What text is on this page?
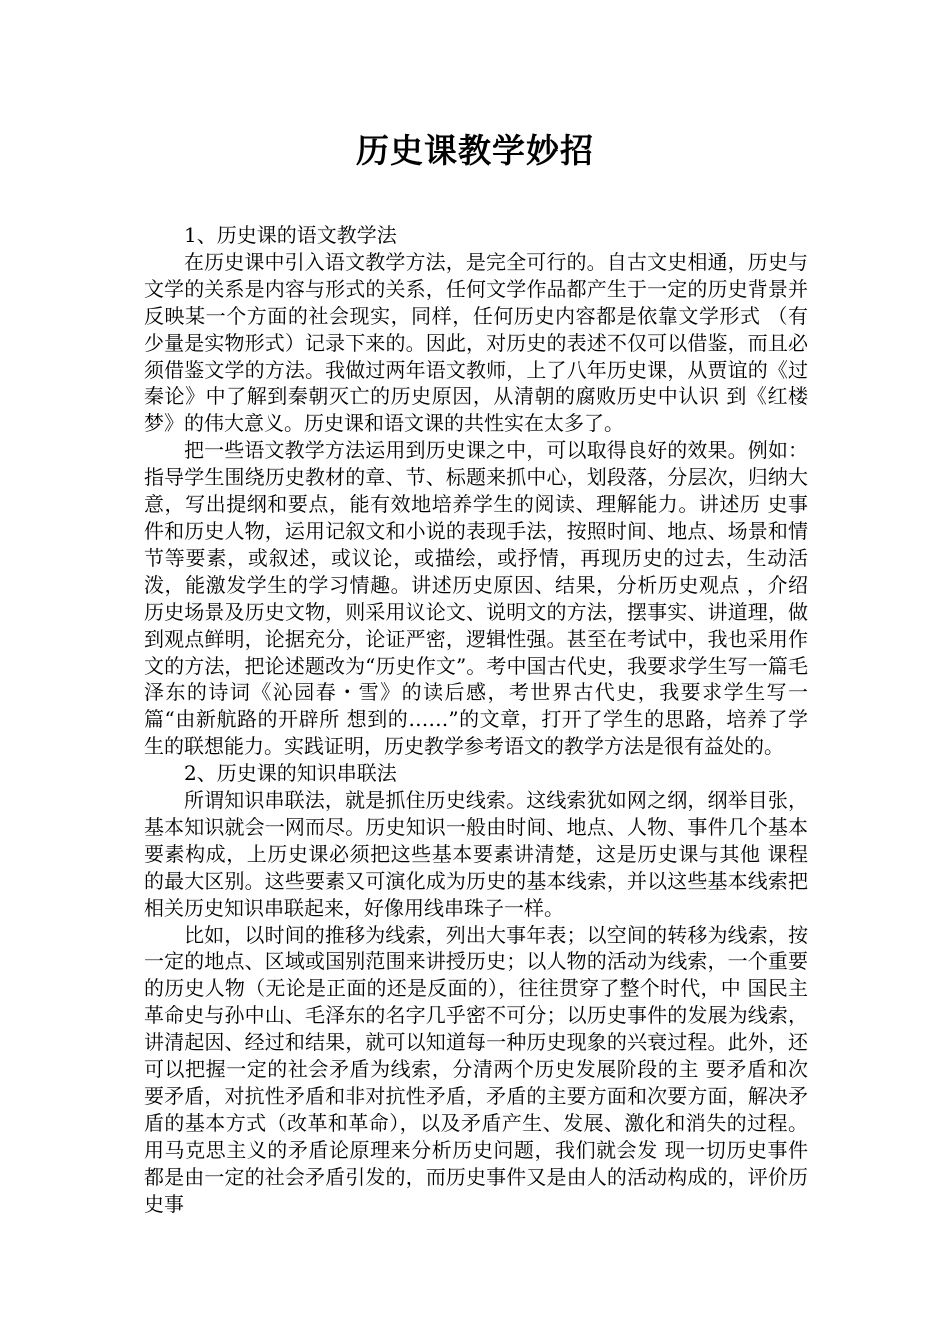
历史课教学妙招
1、历史课的语文教学法

在历史课中引入语文教学方法，是完全可行的。自古文史相通，历史与文学的关系是内容与形式的关系，任何文学作品都产生于一定的历史背景并反映某一个方面的社会现实，同样，任何历史内容都是依靠文学形式 （有少量是实物形式）记录下来的。因此，对历史的表述不仅可以借鉴，而且必须借鉴文学的方法。我做过两年语文教师，上了八年历史课，从贾谊的《过秦论》中了解到秦朝灭亡的历史原因，从清朝的腐败历史中认识 到《红楼梦》的伟大意义。历史课和语文课的共性实在太多了。

把一些语文教学方法运用到历史课之中，可以取得良好的效果。例如：指导学生围绕历史教材的章、节、标题来抓中心，划段落，分层次，归纳大意，写出提纲和要点，能有效地培养学生的阅读、理解能力。讲述历 史事件和历史人物，运用记叙文和小说的表现手法，按照时间、地点、场景和情节等要素，或叙述，或议论，或描绘，或抒情，再现历史的过去，生动活泼，能激发学生的学习情趣。讲述历史原因、结果，分析历史观点 ，介绍历史场景及历史文物，则采用议论文、说明文的方法，摆事实、讲道理，做到观点鲜明，论据充分，论证严密，逻辑性强。甚至在考试中，我也采用作文的方法，把论述题改为“历史作文”。考中国古代史，我要求学生写一篇毛泽东的诗词《沁园春・雪》的读后感，考世界古代史，我要求学生写一篇“由新航路的开辟所 想到的……”的文章，打开了学生的思路，培养了学生的联想能力。实践证明，历史教学参考语文的教学方法是很有益处的。

2、历史课的知识串联法

所谓知识串联法，就是抓住历史线索。这线索犹如网之纲，纲举目张，基本知识就会一网而尽。历史知识一般由时间、地点、人物、事件几个基本要素构成，上历史课必须把这些基本要素讲清楚，这是历史课与其他 课程的最大区别。这些要素又可演化成为历史的基本线索，并以这些基本线索把相关历史知识串联起来，好像用线串珠子一样。

比如，以时间的推移为线索，列出大事年表；以空间的转移为线索，按一定的地点、区域或国别范围来讲授历史；以人物的活动为线索，一个重要的历史人物（无论是正面的还是反面的），往往贯穿了整个时代，中 国民主革命史与孙中山、毛泽东的名字几乎密不可分；以历史事件的发展为线索，讲清起因、经过和结果，就可以知道每一种历史现象的兴衰过程。此外，还可以把握一定的社会矛盾为线索，分清两个历史发展阶段的主 要矛盾和次要矛盾，对抗性矛盾和非对抗性矛盾，矛盾的主要方面和次要方面，解决矛盾的基本方式（改革和革命），以及矛盾产生、发展、激化和消失的过程。用马克思主义的矛盾论原理来分析历史问题，我们就会发 现一切历史事件都是由一定的社会矛盾引发的，而历史事件又是由人的活动构成的，评价历史事
